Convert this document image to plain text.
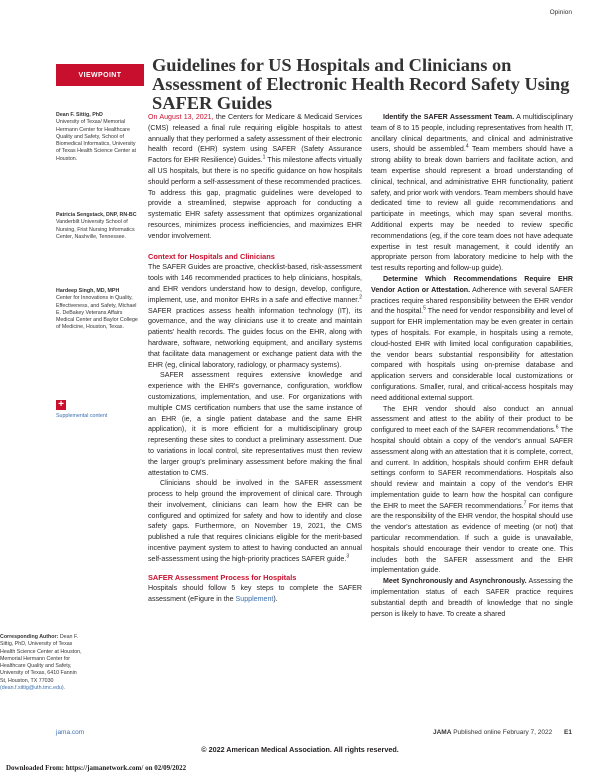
Opinion
VIEWPOINT	Guidelines for US Hospitals and Clinicians on Assessment of Electronic Health Record Safety Using SAFER Guides
Dean F. Sittig, PhD
University of Texas/ Memorial Hermann Center for Healthcare Quality and Safety, School of Biomedical Informatics, University of Texas Health Science Center at Houston.
Patricia Sengstack, DNP, RN-BC
Vanderbilt University School of Nursing, Frist Nursing Informatics Center, Nashville, Tennessee.
Hardeep Singh, MD, MPH
Center for Innovations in Quality, Effectiveness, and Safety, Michael E. DeBakey Veterans Affairs Medical Center and Baylor College of Medicine, Houston, Texas.
+
Supplemental content
Corresponding Author: Dean F. Sittig, PhD, University of Texas Health Science Center at Houston, Memorial Hermann Center for Healthcare Quality and Safety, University of Texas, 6410 Fannin St, Houston, TX 77030 (dean.f.sittig@uth.tmc.edu).

On August 13, 2021, the Centers for Medicare & Medicaid Services (CMS) released a final rule requiring eligible hospitals to attest annually that they performed a safety assessment of their electronic health record (EHR) system using SAFER (Safety Assurance Factors for EHR Resilience) Guides.$^1$ This milestone affects virtually all US hospitals, but there is no specific guidance on how hospitals should perform a self-assessment of these recommended practices. To address this gap, pragmatic guidelines were developed to provide a streamlined, stepwise approach for conducting a systematic EHR safety assessment that optimizes organizational resources, minimizes process inefficiencies, and maximizes EHR vendor involvement.

Context for Hospitals and Clinicians

The SAFER Guides are proactive, checklist-based, risk-assessment tools with 146 recommended practices to help clinicians, hospitals, and EHR vendors understand how to design, develop, configure, implement, use, and monitor EHRs in a safe and effective manner.$^2$ SAFER practices assess health information technology (IT), its governance, and the way clinicians use it to create and maintain patients' health records. The guides focus on the EHR, along with hardware, software, networking equipment, and ancillary systems that facilitate data management or exchange patient data with the EHR (eg, clinical laboratory, radiology, or pharmacy systems).

SAFER assessment requires extensive knowledge and experience with the EHR's governance, configuration, workflow customizations, implementation, and use. For organizations with multiple CMS certification numbers that use the same instance of an EHR (ie, a single patient database and the same EHR application), it is more efficient for a multidisciplinary group representing these sites to conduct a preliminary assessment. Due to variations in local control, site representatives must then review the larger group's preliminary assessment before making the final attestation to CMS.

Clinicians should be involved in the SAFER assessment process to help ground the improvement of clinical care. Through their involvement, clinicians can learn how the EHR can be configured and optimized for safety and how to identify and close safety gaps. Furthermore, on November 19, 2021, the CMS published a rule that requires clinicians eligible for the merit-based incentive payment system to attest to having conducted an annual self-assessment using the high-priority practices SAFER guide.$^3$

SAFER Assessment Process for Hospitals

Hospitals should follow 5 key steps to complete the SAFER assessment (eFigure in the Supplement).

Identify the SAFER Assessment Team. A multidisciplinary team of 8 to 15 people, including representatives from health IT, ancillary clinical departments, and clinical and administrative users, should be assembled.$^4$ Team members should have a strong ability to break down barriers and facilitate action, and team expertise should represent a broad understanding of clinical, technical, and administrative EHR functionality, patient safety, and prior work with vendors. Team members should have dedicated time to review all guide recommendations and participate in meetings, which may span several months. Additional experts may be needed to review specific recommendations (eg, if the core team does not have adequate expertise in test result management, it could identify an appropriate person from laboratory medicine to help with the test results reporting and follow-up guide).

Determine Which Recommendations Require EHR Vendor Action or Attestation. Adherence with several SAFER practices require shared responsibility between the EHR vendor and the hospital.$^5$ The need for vendor responsibility and level of support for EHR implementation may be even greater in certain types of hospitals. For example, in hospitals using a remote, cloud-hosted EHR with limited local configuration capabilities, the vendor bears substantial responsibility for attestation compared with hospitals using on-premise database and application servers and considerable local customizations or configurations. Smaller, rural, and critical-access hospitals may need additional external support.

The EHR vendor should also conduct an annual assessment and attest to the ability of their product to be configured to meet each of the SAFER recommendations.$^6$ The hospital should obtain a copy of the vendor's annual SAFER assessment along with an attestation that it is complete, correct, and current. In addition, hospitals should confirm EHR default settings conform to SAFER recommendations. Hospitals also should review and maintain a copy of the vendor's EHR implementation guide to learn how the hospital can configure the EHR to meet the SAFER recommendations.$^7$ For items that are the responsibility of the EHR vendor, the hospital should use the vendor's attestation as evidence of meeting (or not) that particular recommendation. If such a guide is unavailable, hospitals should encourage their vendor to create one. This includes both the SAFER assessment and the EHR implementation guide.

Meet Synchronously and Asynchronously. Assessing the implementation status of each SAFER practice requires substantial depth and breadth of knowledge that no single person is likely to have. To create a shared

jama.com	JAMA Published online February 7, 2022 E1
© 2022 American Medical Association. All rights reserved.
Downloaded From: https://jamanetwork.com/ on 02/09/2022
